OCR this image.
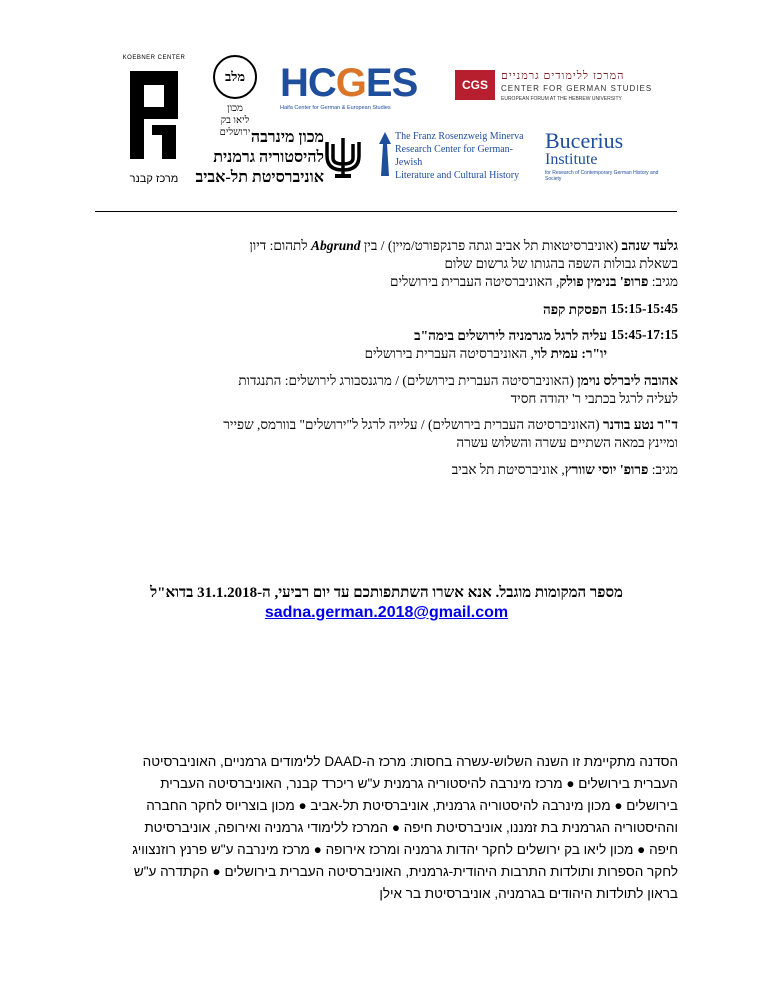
KOEBNER CENTER
מרכז קבנר
מלב
מכון
ליאו בק
ירושלים
HCGES
Haifa Center for German & European Studies
CGS
המרכז ללימודים גרמניים
CENTER FOR GERMAN STUDIES
EUROPEAN FORUM AT THE HEBREW UNIVERSITY
מכון מינרבה
להיסטוריה גרמנית
אוניברסיטת תל-אביב
The Franz Rosenzweig Minerva
Research Center for German-Jewish
Literature and Cultural History
Bucerius
Institute
for Research of Contemporary German History and Society
גלעד שנהב (אוניברסיטאות תל אביב וגתה פרנקפורט/מיין) / בין Abgrund לתהום: דיון
בשאלת גבולות השפה בהגותו של גרשום שלום
מגיב: פרופ' בנימין פולק, האוניברסיטה העברית בירושלים
15:15-15:45
הפסקת קפה
15:45-17:15
עליה לרגל מגרמניה לירושלים בימה"ב
יו"ר: עמית לוי, האוניברסיטה העברית בירושלים
אהובה ליברלס נוימן (האוניברסיטה העברית בירושלים) / מרגנסבורג לירושלים: התנגדות
לעליה לרגל בכתבי ר' יהודה חסיד
ד"ר נטע בודנר (האוניברסיטה העברית בירושלים) / עלייה לרגל ל"ירושלים" בוורמס, שפייר
ומיינץ במאה השתיים עשרה והשלוש עשרה
מגיב: פרופ' יוסי שוורץ, אוניברסיטת תל אביב
מספר המקומות מוגבל. אנא אשרו השתתפותכם עד יום רביעי, ה-31.1.2018 בדוא"ל
sadna.german.2018@gmail.com

הסדנה מתקיימת זו השנה השלוש-עשרה בחסות: מרכז ה-DAAD ללימודים גרמניים, האוניברסיטה

העברית בירושלים ● מרכז מינרבה להיסטוריה גרמנית ע"ש ריכרד קבנר, האוניברסיטה העברית

בירושלים ● מכון מינרבה להיסטוריה גרמנית, אוניברסיטת תל-אביב ● מכון בוצריוס לחקר החברה

וההיסטוריה הגרמנית בת זמננו, אוניברסיטת חיפה ● המרכז ללימודי גרמניה ואירופה, אוניברסיטת

חיפה ● מכון ליאו בק ירושלים לחקר יהדות גרמניה ומרכז אירופה ● מרכז מינרבה ע"ש פרנץ רוזנצוויג

לחקר הספרות ותולדות התרבות היהודית-גרמנית, האוניברסיטה העברית בירושלים ● הקתדרה ע"ש

בראון לתולדות היהודים בגרמניה, אוניברסיטת בר אילן
